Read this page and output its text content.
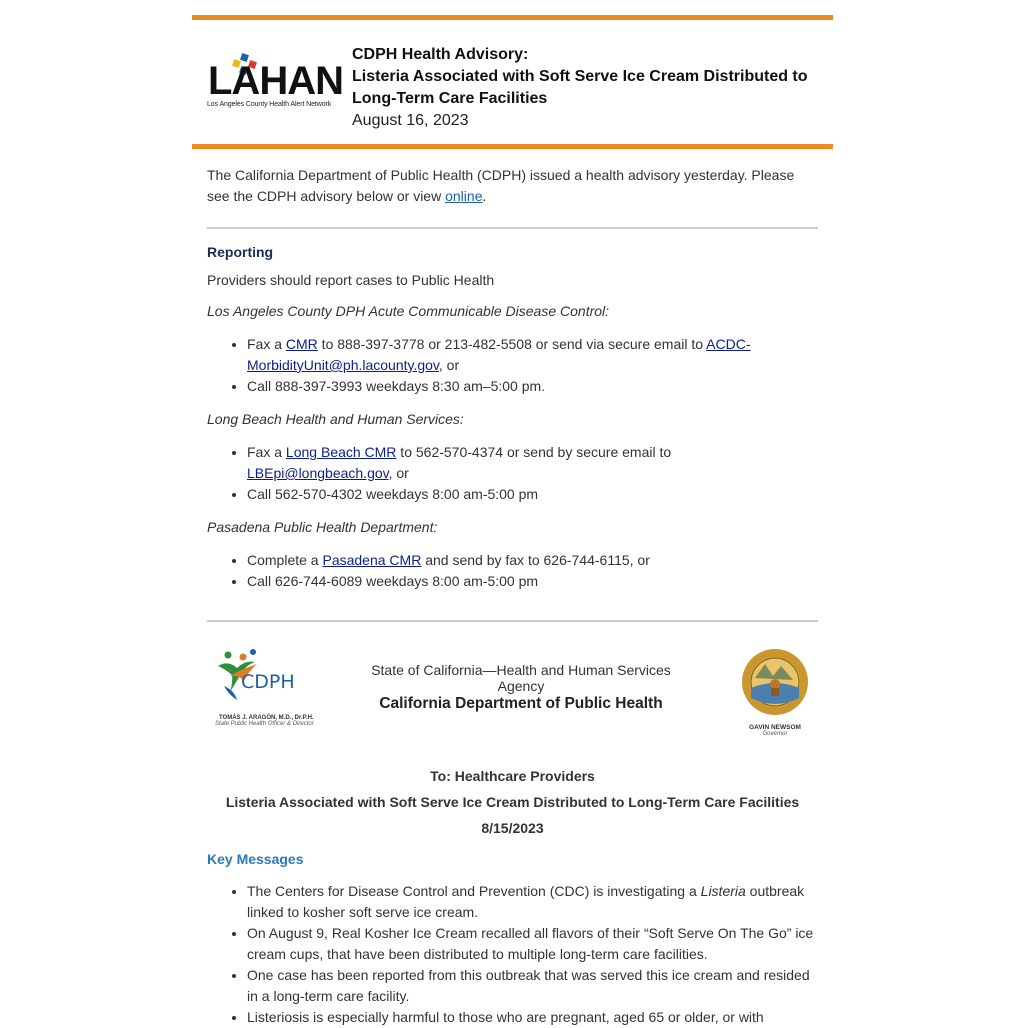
LAHAN
Los Angeles County Health Alert Network
CDPH Health Advisory:
Listeria Associated with Soft Serve Ice Cream Distributed to
Long-Term Care Facilities
August 16, 2023

The California Department of Public Health (CDPH) issued a health advisory yesterday. Please see the CDPH advisory below or view online.

Reporting

Providers should report cases to Public Health

Los Angeles County DPH Acute Communicable Disease Control:

• Fax a CMR to 888-397-3778 or 213-482-5508 or send via secure email to ACDC-
MorbidityUnit@ph.lacounty.gov, or
• Call 888-397-3993 weekdays 8:30 am–5:00 pm.

Long Beach Health and Human Services:

• Fax a Long Beach CMR to 562-570-4374 or send by secure email to
LBEpi@longbeach.gov, or
• Call 562-570-4302 weekdays 8:00 am-5:00 pm

Pasadena Public Health Department:

• Complete a Pasadena CMR and send by fax to 626-744-6115, or
• Call 626-744-6089 weekdays 8:00 am-5:00 pm
CDPH
TOMÁS J. ARAGÓN, M.D., Dr.P.H.
State Public Health Officer & Director
State of California—Health and Human Services Agency
California Department of Public Health
GAVIN NEWSOM
Governor
To: Healthcare Providers
Listeria Associated with Soft Serve Ice Cream Distributed to Long-Term Care Facilities
8/15/2023
Key Messages
• The Centers for Disease Control and Prevention (CDC) is investigating a Listeria outbreak linked to kosher soft serve ice cream.
• On August 9, Real Kosher Ice Cream recalled all flavors of their “Soft Serve On The Go” ice cream cups, that have been distributed to multiple long-term care facilities.
• One case has been reported from this outbreak that was served this ice cream and resided in a long-term care facility.
• Listeriosis is especially harmful to those who are pregnant, aged 65 or older, or with
